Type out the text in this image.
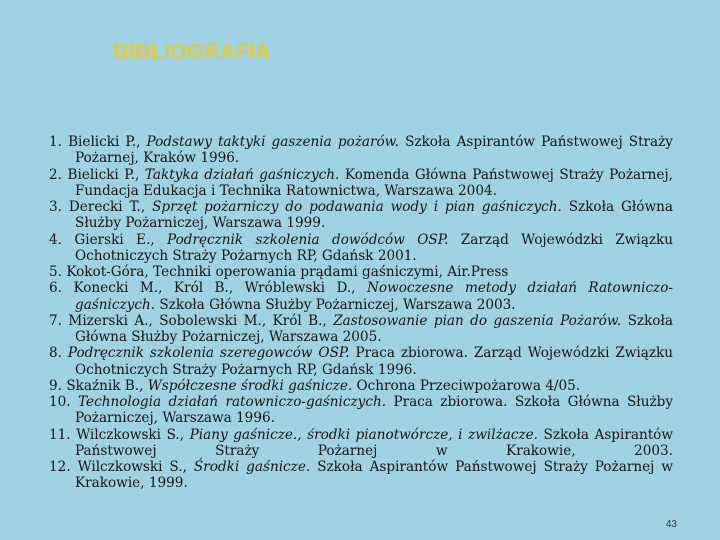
BIBLIOGRAFIA
1. Bielicki P., Podstawy taktyki gaszenia pożarów. Szkoła Aspirantów Państwowej Straży Pożarnej, Kraków 1996.
2. Bielicki P., Taktyka działań gaśniczych. Komenda Główna Państwowej Straży Pożarnej, Fundacja Edukacja i Technika Ratownictwa, Warszawa 2004.
3. Derecki T., Sprzęt pożarniczy do podawania wody i pian gaśniczych. Szkoła Główna Służby Pożarniczej, Warszawa 1999.
4. Gierski E., Podręcznik szkolenia dowódców OSP. Zarząd Wojewódzki Związku Ochotniczych Straży Pożarnych RP, Gdańsk 2001.
5. Kokot-Góra, Techniki operowania prądami gaśniczymi, Air.Press
6. Konecki M., Król B., Wróblewski D., Nowoczesne metody działań Ratowniczo-gaśniczych. Szkoła Główna Służby Pożarniczej, Warszawa 2003.
7. Mizerski A., Sobolewski M., Król B., Zastosowanie pian do gaszenia Pożarów. Szkoła Główna Służby Pożarniczej, Warszawa 2005.
8. Podręcznik szkolenia szeregowców OSP. Praca zbiorowa. Zarząd Wojewódzki Związku Ochotniczych Straży Pożarnych RP, Gdańsk 1996.
9. Skaźnik B., Współczesne środki gaśnicze. Ochrona Przeciwpożarowa 4/05.
10. Technologia działań ratowniczo-gaśniczych. Praca zbiorowa. Szkoła Główna Służby Pożarniczej, Warszawa 1996.
11. Wilczkowski S., Piany gaśnicze., środki pianotwórcze, i zwilżacze. Szkoła Aspirantów Państwowej Straży Pożarnej w Krakowie, 2003.
12. Wilczkowski S., Środki gaśnicze. Szkoła Aspirantów Państwowej Straży Pożarnej w Krakowie, 1999.
43
